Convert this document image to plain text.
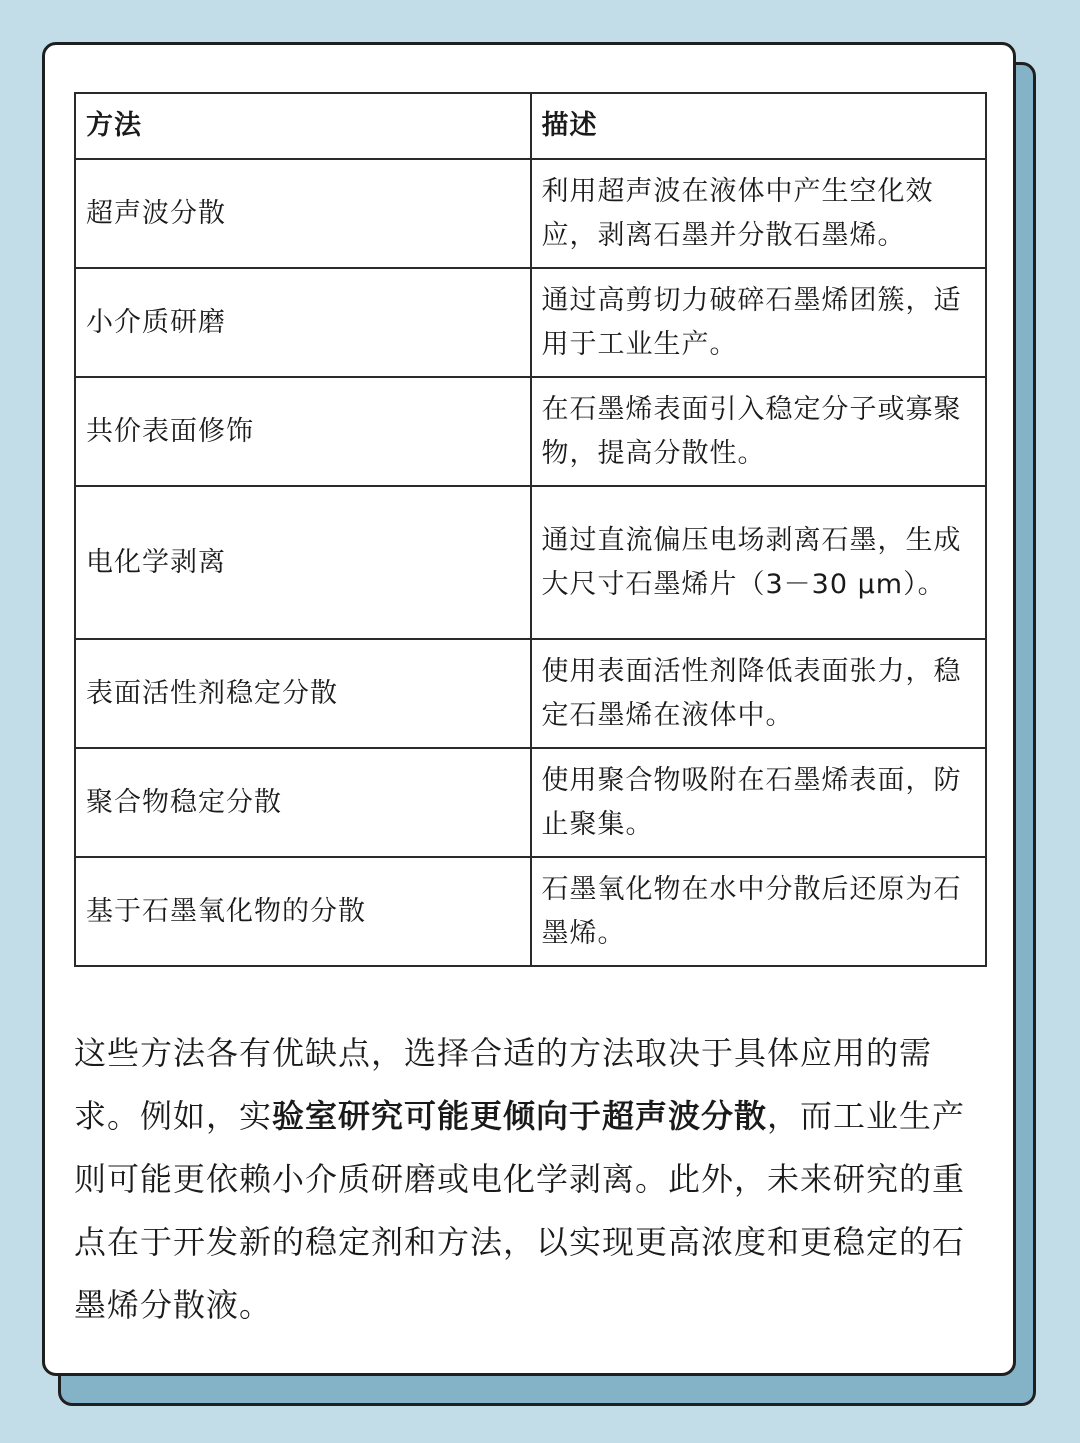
方法	描述
超声波分散	利用超声波在液体中产生空化效应，剥离石墨并分散石墨烯。
小介质研磨	通过高剪切力破碎石墨烯团簇，适用于工业生产。
共价表面修饰	在石墨烯表面引入稳定分子或寡聚物，提高分散性。
电化学剥离	通过直流偏压电场剥离石墨，生成大尺寸石墨烯片（3－30 μm）。
表面活性剂稳定分散	使用表面活性剂降低表面张力，稳定石墨烯在液体中。
聚合物稳定分散	使用聚合物吸附在石墨烯表面，防止聚集。
基于石墨氧化物的分散	石墨氧化物在水中分散后还原为石墨烯。

这些方法各有优缺点，选择合适的方法取决于具体应用的需求。例如，实验室研究可能更倾向于超声波分散，而工业生产则可能更依赖小介质研磨或电化学剥离。此外，未来研究的重点在于开发新的稳定剂和方法，以实现更高浓度和更稳定的石墨烯分散液。
